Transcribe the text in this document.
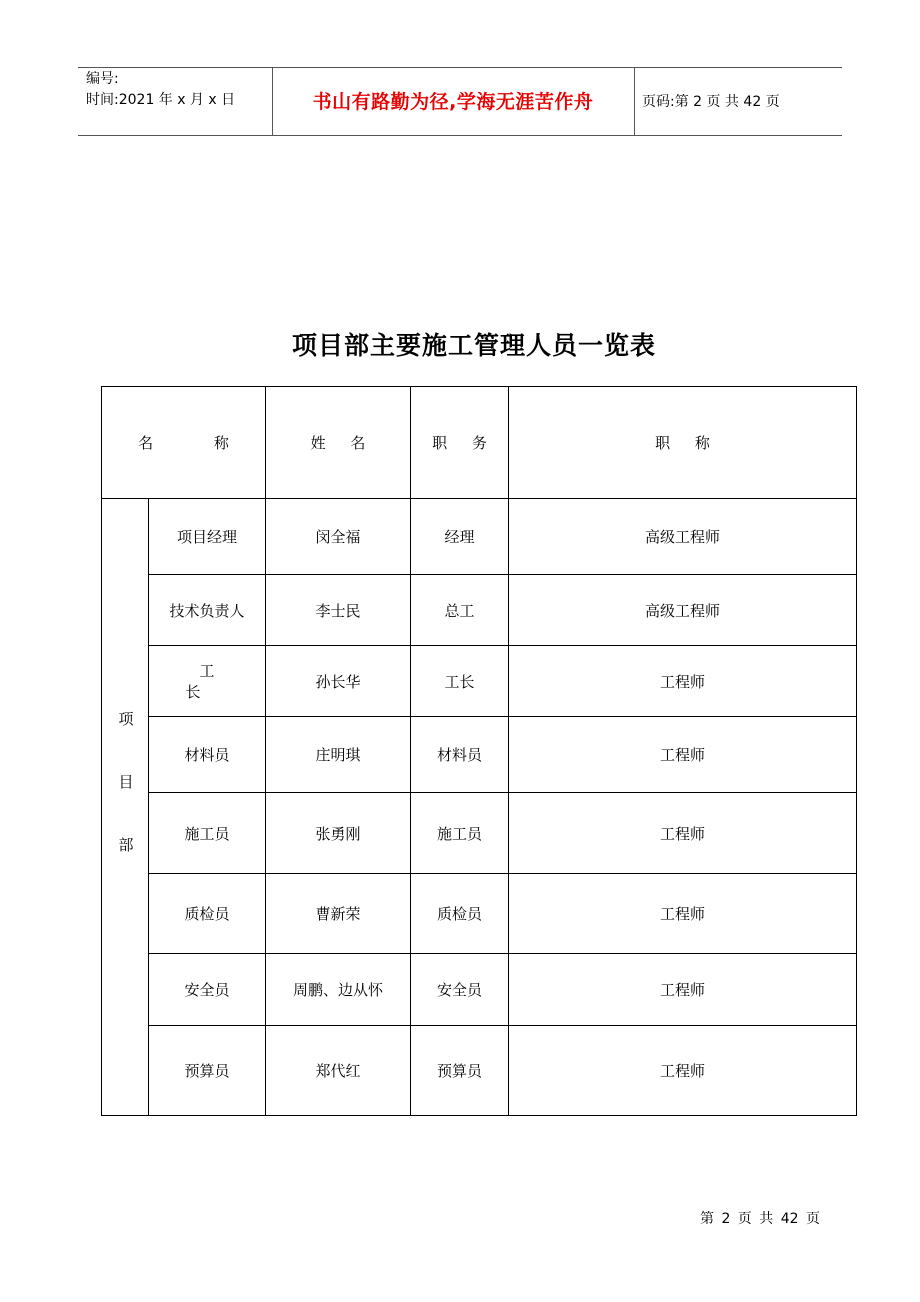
编号:
时间:2021 年 x 月 x 日	书山有路勤为径,学海无涯苦作舟	页码:第 2 页 共 42 页
项目部主要施工管理人员一览表
名 称		姓 名	职 务	职 称
项目部	项目经理	闵全福	经理	高级工程师
	技术负责人	李士民	总工	高级工程师
	工 长	孙长华	工长	工程师
	材料员	庄明琪	材料员	工程师
	施工员	张勇刚	施工员	工程师
	质检员	曹新荣	质检员	工程师
	安全员	周鹏、边从怀	安全员	工程师
	预算员	郑代红	预算员	工程师
第 2 页 共 42 页
